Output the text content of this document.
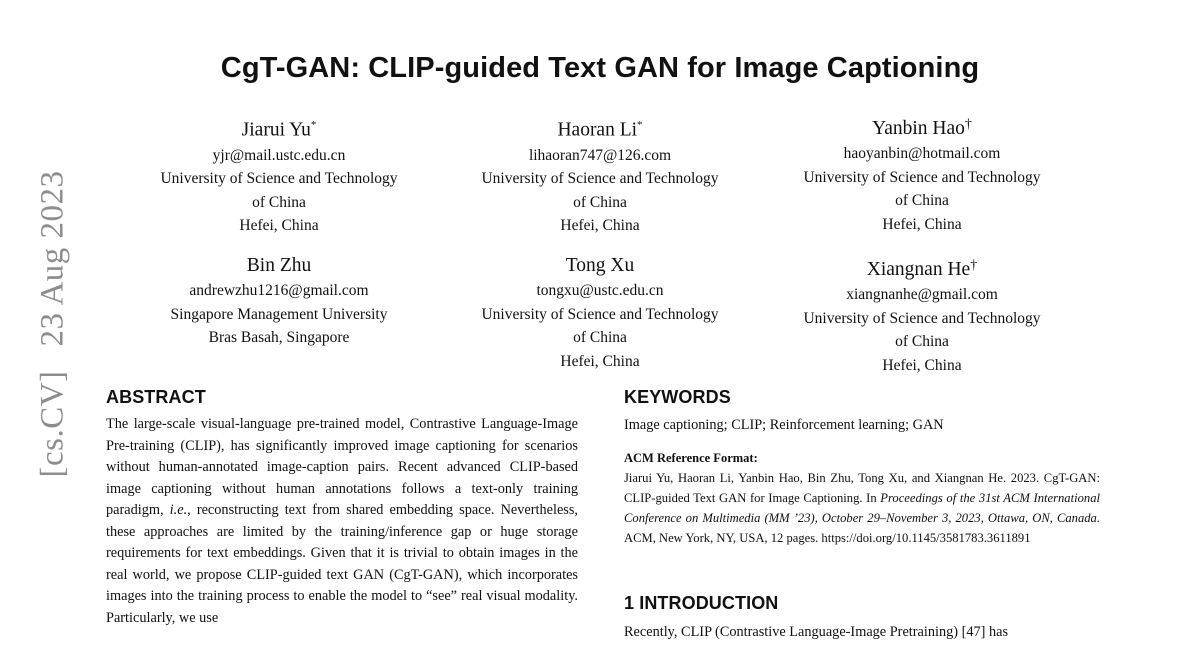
[cs.CV]23 Aug 2023
CgT-GAN: CLIP-guided Text GAN for Image Captioning
Jiarui Yu*
yjr@mail.ustc.edu.cn
University of Science and Technology
of China
Hefei, China
Haoran Li*
lihaoran747@126.com
University of Science and Technology
of China
Hefei, China
Yanbin Hao†
haoyanbin@hotmail.com
University of Science and Technology
of China
Hefei, China
Bin Zhu
andrewzhu1216@gmail.com
Singapore Management University
Bras Basah, Singapore
Tong Xu
tongxu@ustc.edu.cn
University of Science and Technology
of China
Hefei, China
Xiangnan He†
xiangnanhe@gmail.com
University of Science and Technology
of China
Hefei, China
ABSTRACT
The large-scale visual-language pre-trained model, Contrastive Language-Image Pre-training (CLIP), has significantly improved image captioning for scenarios without human-annotated image-caption pairs. Recent advanced CLIP-based image captioning without human annotations follows a text-only training paradigm, i.e., reconstructing text from shared embedding space. Nevertheless, these approaches are limited by the training/inference gap or huge storage requirements for text embeddings. Given that it is trivial to obtain images in the real world, we propose CLIP-guided text GAN (CgT-GAN), which incorporates images into the training process to enable the model to “see” real visual modality. Particularly, we use
KEYWORDS
Image captioning; CLIP; Reinforcement learning; GAN
ACM Reference Format:
Jiarui Yu, Haoran Li, Yanbin Hao, Bin Zhu, Tong Xu, and Xiangnan He. 2023. CgT-GAN: CLIP-guided Text GAN for Image Captioning. In Proceedings of the 31st ACM International Conference on Multimedia (MM ’23), October 29–November 3, 2023, Ottawa, ON, Canada. ACM, New York, NY, USA, 12 pages. https://doi.org/10.1145/3581783.3611891
1 INTRODUCTION
Recently, CLIP (Contrastive Language-Image Pretraining) [47] has
